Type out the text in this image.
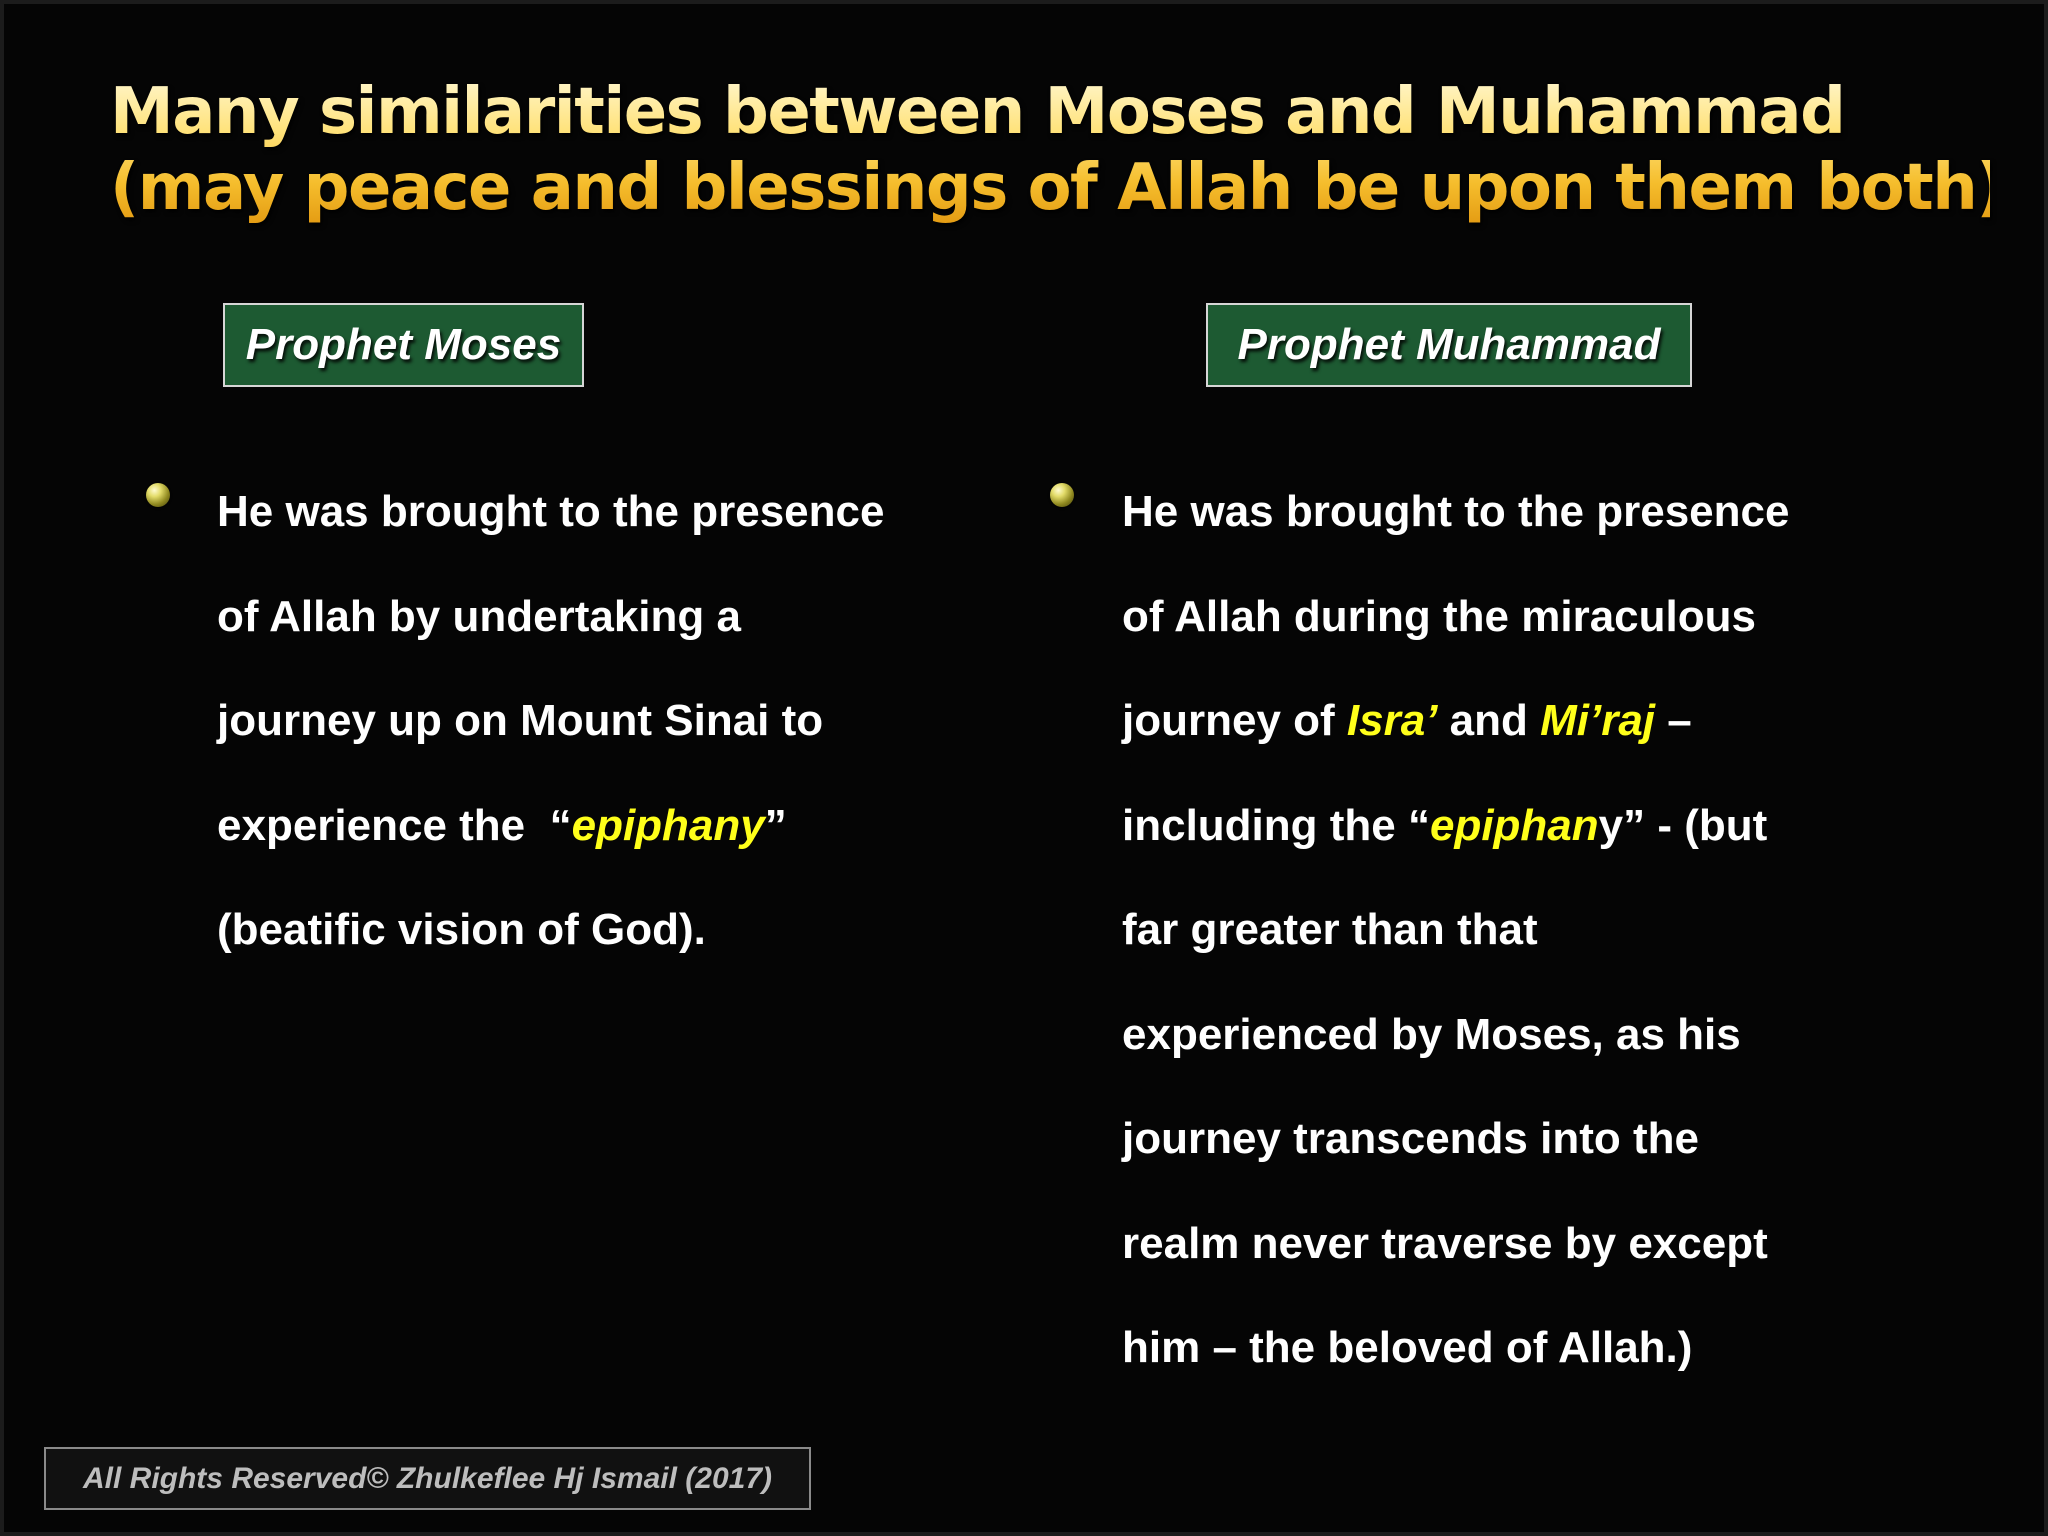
Many similarities between Moses and Muhammad
(may peace and blessings of Allah be upon them both):
Prophet Moses	Prophet Muhammad
He was brought to the presence
of Allah by undertaking a
journey up on Mount Sinai to
experience the  “epiphany”
(beatific vision of God).
He was brought to the presence
of Allah during the miraculous
journey of Isra’ and Mi’raj –
including the “epiphany” - (but
far greater than that
experienced by Moses, as his
journey transcends into the
realm never traverse by except
him – the beloved of Allah.)
All Rights Reserved© Zhulkeflee Hj Ismail (2017)
